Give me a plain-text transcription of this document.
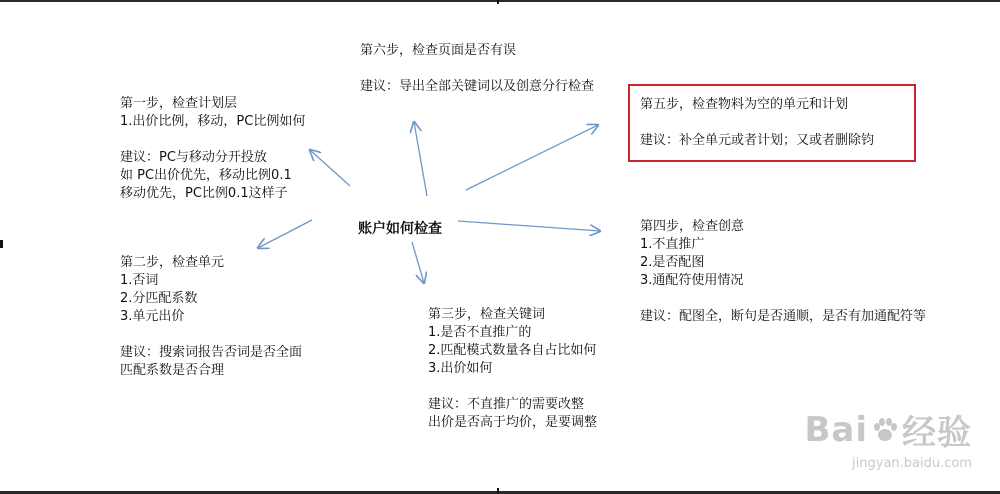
账户如何检查
第一步，检查计划层
1.出价比例，移动，PC比例如何
建议：PC与移动分开投放
如 PC出价优先，移动比例0.1
移动优先，PC比例0.1这样子
第二步，检查单元
1.否词
2.分匹配系数
3.单元出价
建议：搜索词报告否词是否全面
匹配系数是否合理
第三步，检查关键词
1.是否不直推广的
2.匹配模式数量各自占比如何
3.出价如何
建议：不直推广的需要改整
出价是否高于均价，是要调整
第四步，检查创意
1.不直推广
2.是否配图
3.通配符使用情况
建议：配图全，断句是否通顺，是否有加通配符等
第五步，检查物料为空的单元和计划
建议：补全单元或者计划；又或者删除钧
第六步，检查页面是否有误
建议：导出全部关键词以及创意分行检查
Bai 经验
jingyan.baidu.com
